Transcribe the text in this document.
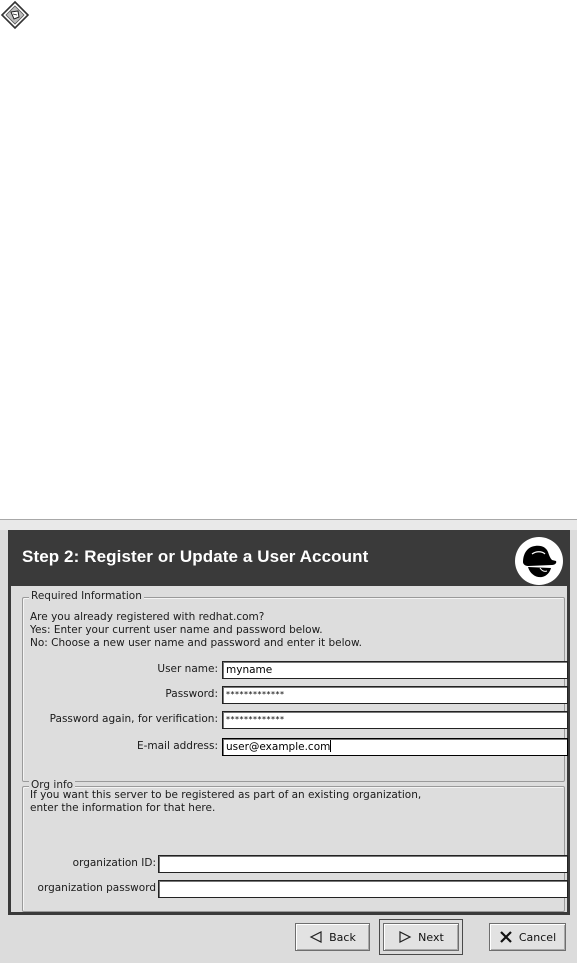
Step 2: Register or Update a User Account
Required Information
Are you already registered with redhat.com?
Yes: Enter your current user name and password below.
No: Choose a new user name and password and enter it below.
User name: myname
Password:	*************
Password again, for verification:	*************
E-mail address: user@example.com
Org info
If you want this server to be registered as part of an existing organization,
enter the information for that here.
organization ID:
organization password
Back	Next	Cancel
